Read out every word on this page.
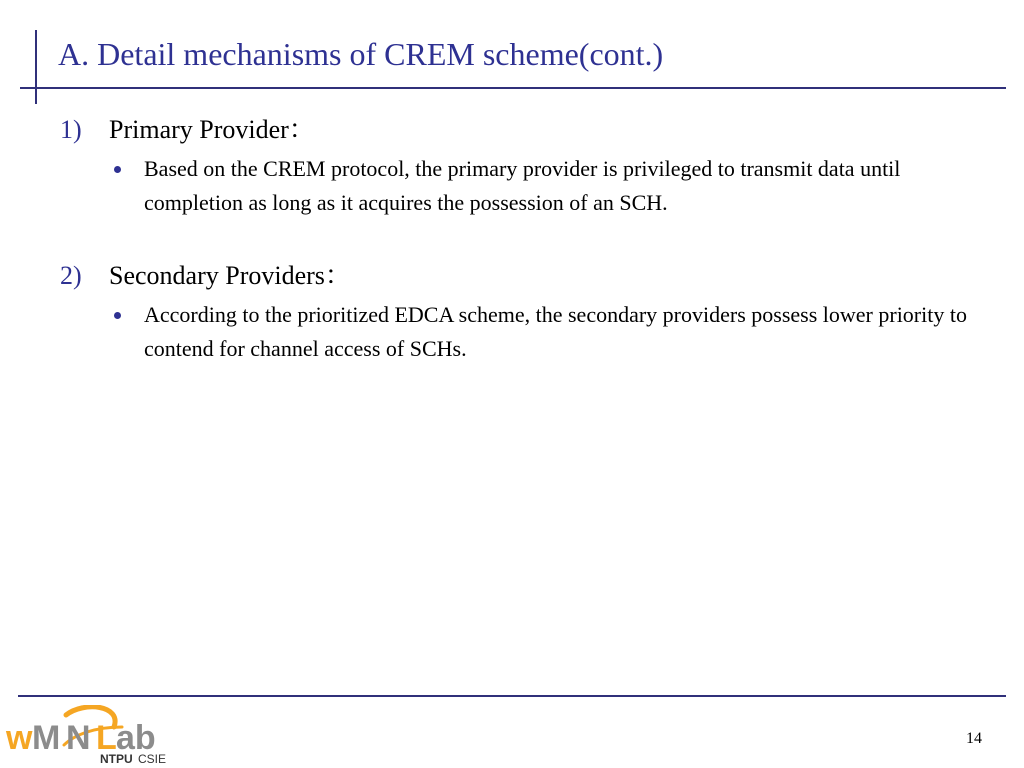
A. Detail mechanisms of CREM scheme(cont.)
1) Primary Provider：
Based on the CREM protocol, the primary provider is privileged to transmit data until completion as long as it acquires the possession of an SCH.
2) Secondary Providers：
According to the prioritized EDCA scheme, the secondary providers possess lower priority to contend for channel access of SCHs.
w M N L ab
NTPU CSIE
14
